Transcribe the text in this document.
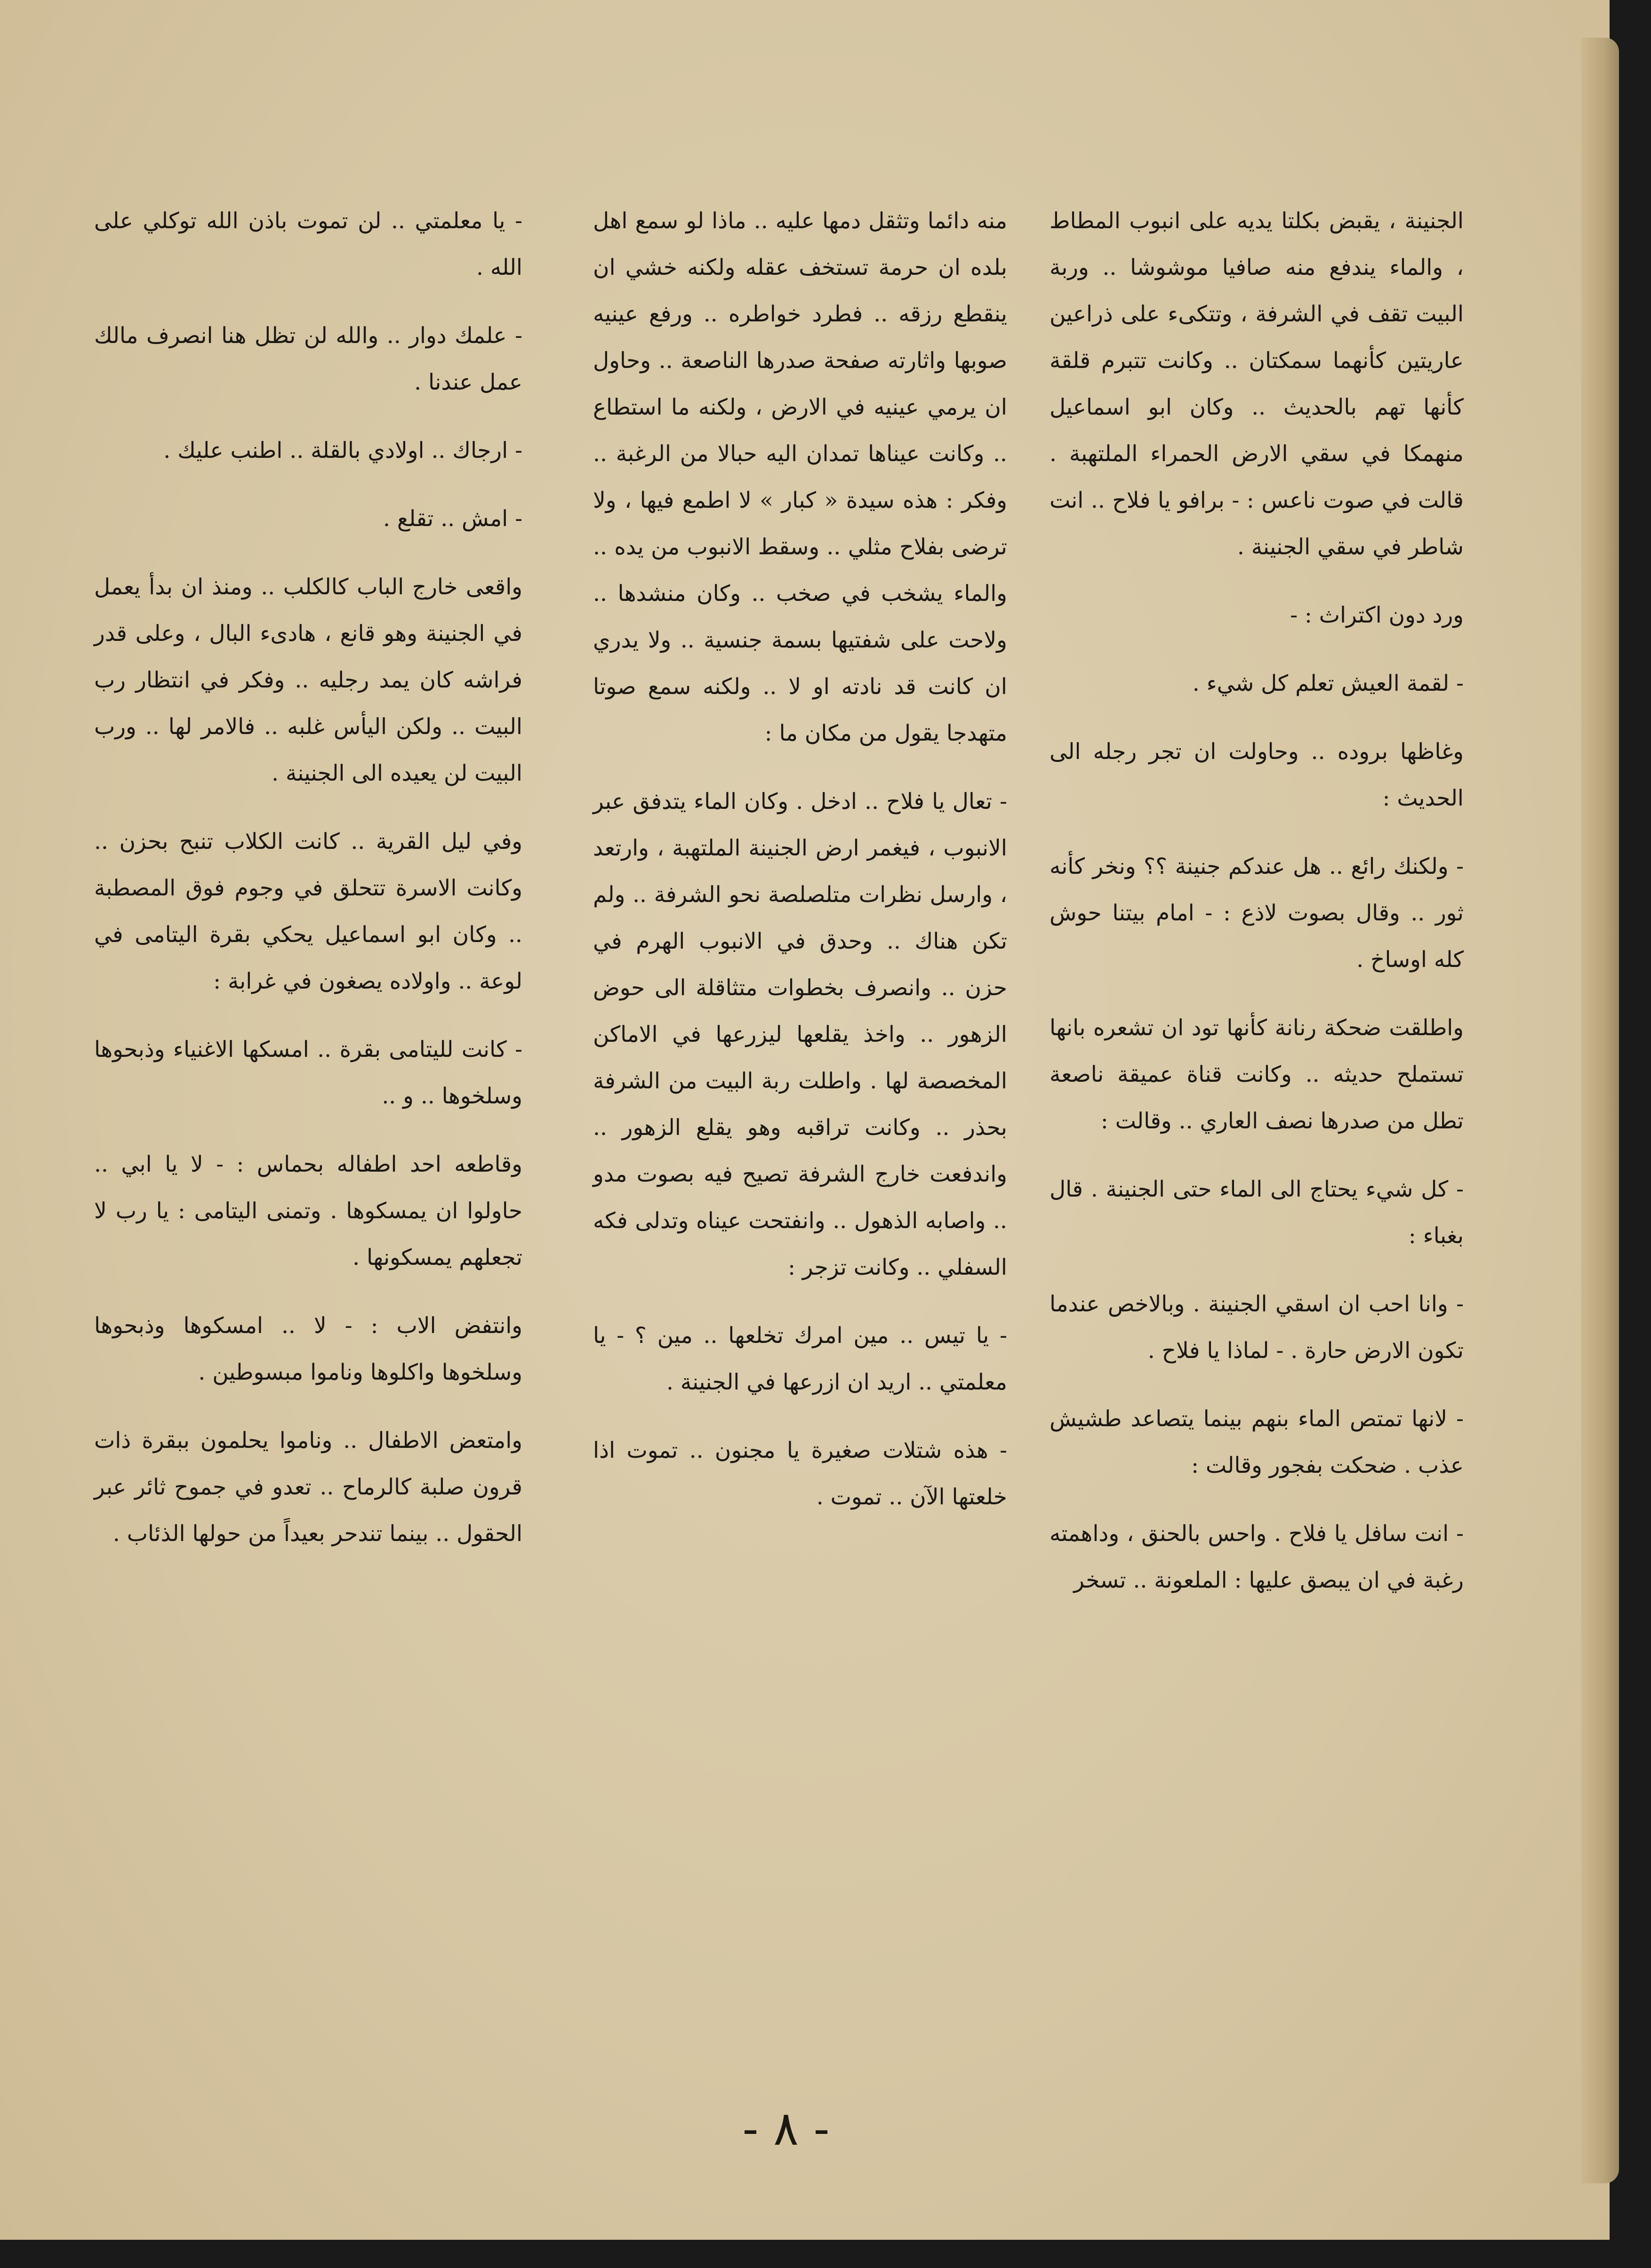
الجنينة ، يقبض بكلتا يديه على انبوب المطاط ، والماء يندفع منه صافيا موشوشا .. وربة البيت تقف في الشرفة ، وتتكىء على ذراعين عاريتين كأنهما سمكتان .. وكانت تتبرم قلقة كأنها تهم بالحديث .. وكان ابو اسماعيل منهمكا في سقي الارض الحمراء الملتهبة . قالت في صوت ناعس : - برافو يا فلاح .. انت شاطر في سقي الجنينة .

ورد دون اكتراث : -

- لقمة العيش تعلم كل شيء .

وغاظها بروده .. وحاولت ان تجر رجله الى الحديث :

- ولكنك رائع .. هل عندكم جنينة ؟؟ ونخر كأنه ثور .. وقال بصوت لاذع : - امام بيتنا حوش كله اوساخ .

واطلقت ضحكة رنانة كأنها تود ان تشعره بانها تستملح حديثه .. وكانت قناة عميقة ناصعة تطل من صدرها نصف العاري .. وقالت :

- كل شيء يحتاج الى الماء حتى الجنينة . قال بغباء :

- وانا احب ان اسقي الجنينة . وبالاخص عندما تكون الارض حارة . - لماذا يا فلاح .

- لانها تمتص الماء بنهم بينما يتصاعد طشيش عذب . ضحكت بفجور وقالت :

- انت سافل يا فلاح . واحس بالحنق ، وداهمته رغبة في ان يبصق عليها : الملعونة .. تسخر

منه دائما وتثقل دمها عليه .. ماذا لو سمع اهل بلده ان حرمة تستخف عقله ولكنه خشي ان ينقطع رزقه .. فطرد خواطره .. ورفع عينيه صوبها واثارته صفحة صدرها الناصعة .. وحاول ان يرمي عينيه في الارض ، ولكنه ما استطاع .. وكانت عيناها تمدان اليه حبالا من الرغبة .. وفكر : هذه سيدة « كبار » لا اطمع فيها ، ولا ترضى بفلاح مثلي .. وسقط الانبوب من يده .. والماء يشخب في صخب .. وكان منشدها .. ولاحت على شفتيها بسمة جنسية .. ولا يدري ان كانت قد نادته او لا .. ولكنه سمع صوتا متهدجا يقول من مكان ما :

- تعال يا فلاح .. ادخل . وكان الماء يتدفق عبر الانبوب ، فيغمر ارض الجنينة الملتهبة ، وارتعد ، وارسل نظرات متلصلصة نحو الشرفة .. ولم تكن هناك .. وحدق في الانبوب الهرم في حزن .. وانصرف بخطوات متثاقلة الى حوض الزهور .. واخذ يقلعها ليزرعها في الاماكن المخصصة لها . واطلت ربة البيت من الشرفة بحذر .. وكانت تراقبه وهو يقلع الزهور .. واندفعت خارج الشرفة تصيح فيه بصوت مدو .. واصابه الذهول .. وانفتحت عيناه وتدلى فكه السفلي .. وكانت تزجر :

- يا تيس .. مين امرك تخلعها .. مين ؟ - يا معلمتي .. اريد ان ازرعها في الجنينة .

- هذه شتلات صغيرة يا مجنون .. تموت اذا خلعتها الآن .. تموت .

- يا معلمتي .. لن تموت باذن الله توكلي على الله .

- علمك دوار .. والله لن تظل هنا انصرف مالك عمل عندنا .

- ارجاك .. اولادي بالقلة .. اطنب عليك .

- امش .. تقلع .

واقعى خارج الباب كالكلب .. ومنذ ان بدأ يعمل في الجنينة وهو قانع ، هادىء البال ، وعلى قدر فراشه كان يمد رجليه .. وفكر في انتظار رب البيت .. ولكن اليأس غلبه .. فالامر لها .. ورب البيت لن يعيده الى الجنينة .

وفي ليل القرية .. كانت الكلاب تنبح بحزن .. وكانت الاسرة تتحلق في وجوم فوق المصطبة .. وكان ابو اسماعيل يحكي بقرة اليتامى في لوعة .. واولاده يصغون في غرابة :

- كانت لليتامى بقرة .. امسكها الاغنياء وذبحوها وسلخوها .. و ..

وقاطعه احد اطفاله بحماس : - لا يا ابي .. حاولوا ان يمسكوها . وتمنى اليتامى : يا رب لا تجعلهم يمسكونها .

وانتفض الاب : - لا .. امسكوها وذبحوها وسلخوها واكلوها وناموا مبسوطين .

وامتعض الاطفال .. وناموا يحلمون ببقرة ذات قرون صلبة كالرماح .. تعدو في جموح ثائر عبر الحقول .. بينما تندحر بعيداً من حولها الذئاب .

- ٨ -
